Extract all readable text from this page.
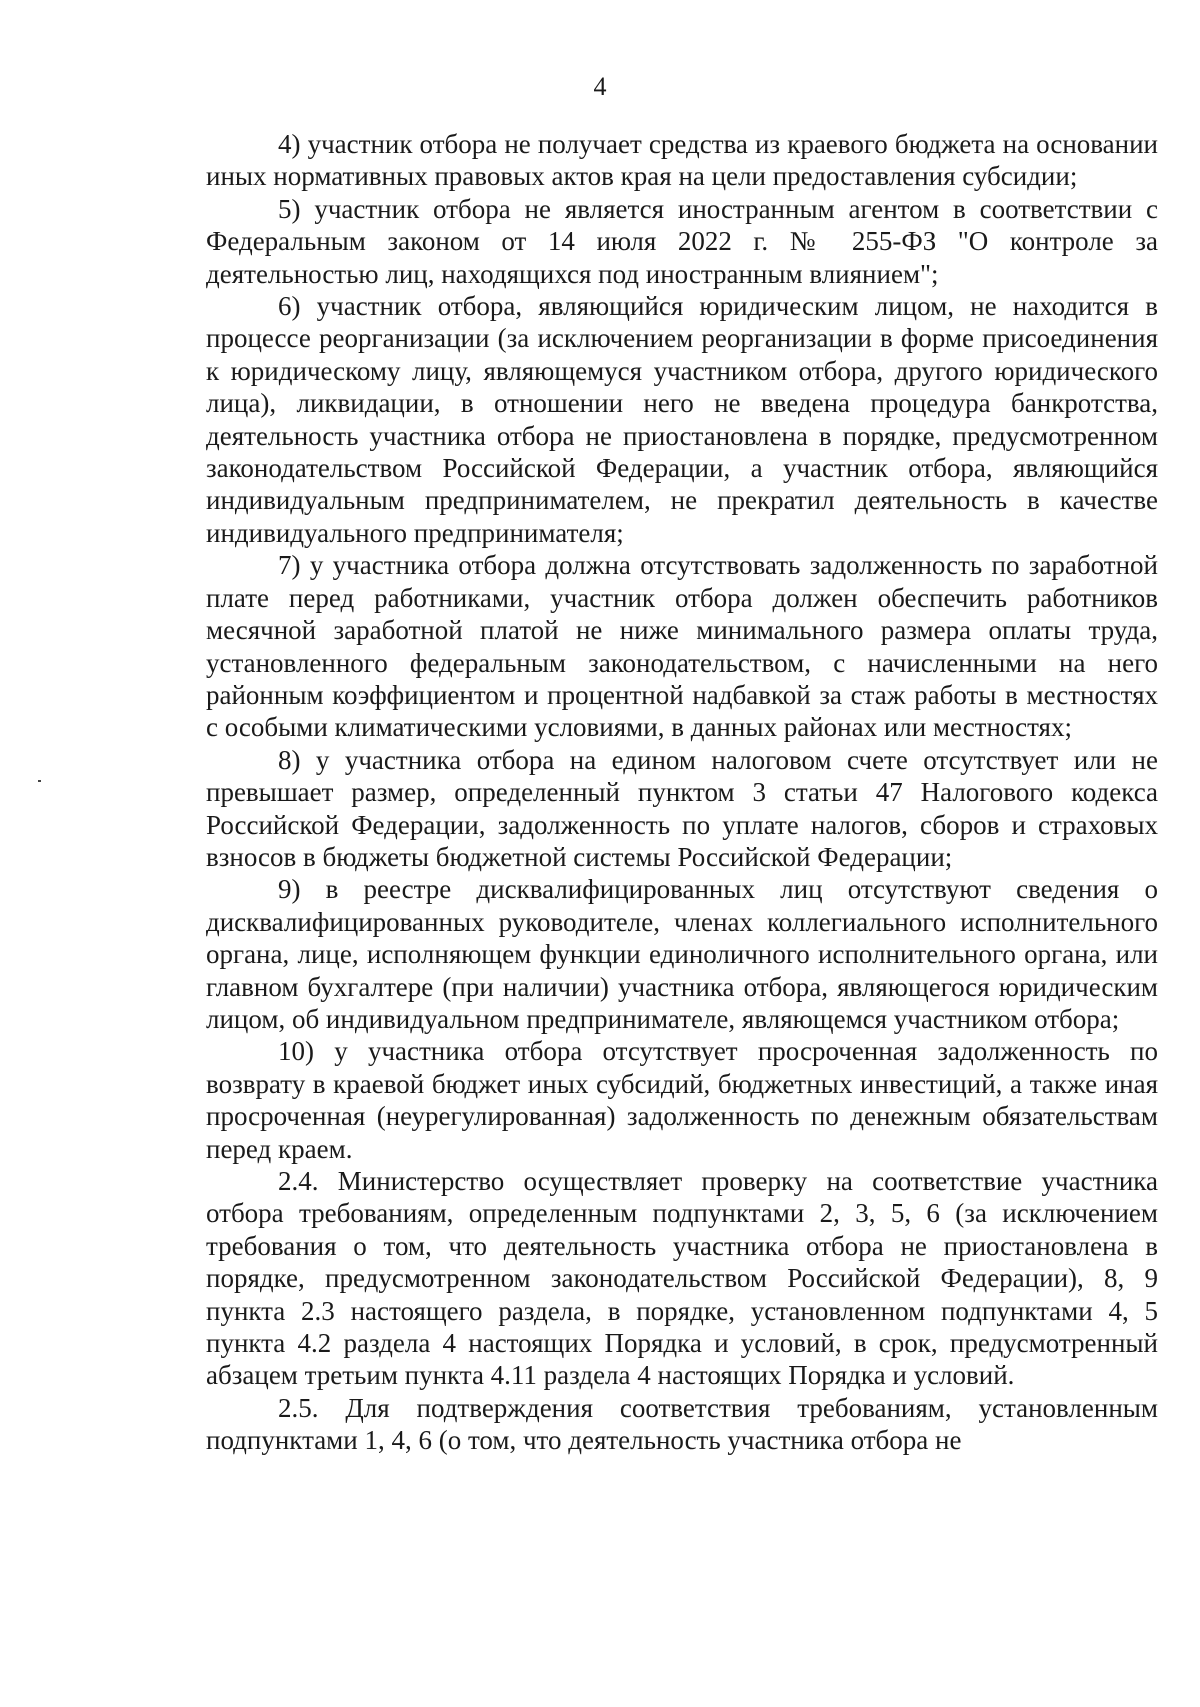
4

4) участник отбора не получает средства из краевого бюджета на основании иных нормативных правовых актов края на цели предоставления субсидии;

5) участник отбора не является иностранным агентом в соответствии с Федеральным законом от 14 июля 2022 г. № 255-ФЗ "О контроле за деятельностью лиц, находящихся под иностранным влиянием";

6) участник отбора, являющийся юридическим лицом, не находится в процессе реорганизации (за исключением реорганизации в форме присоединения к юридическому лицу, являющемуся участником отбора, другого юридического лица), ликвидации, в отношении него не введена процедура банкротства, деятельность участника отбора не приостановлена в порядке, предусмотренном законодательством Российской Федерации, а участник отбора, являющийся индивидуальным предпринимателем, не прекратил деятельность в качестве индивидуального предпринимателя;

7) у участника отбора должна отсутствовать задолженность по заработной плате перед работниками, участник отбора должен обеспечить работников месячной заработной платой не ниже минимального размера оплаты труда, установленного федеральным законодательством, с начисленными на него районным коэффициентом и процентной надбавкой за стаж работы в местностях с особыми климатическими условиями, в данных районах или местностях;

8) у участника отбора на едином налоговом счете отсутствует или не превышает размер, определенный пунктом 3 статьи 47 Налогового кодекса Российской Федерации, задолженность по уплате налогов, сборов и страховых взносов в бюджеты бюджетной системы Российской Федерации;

9) в реестре дисквалифицированных лиц отсутствуют сведения о дисквалифицированных руководителе, членах коллегиального исполнительного органа, лице, исполняющем функции единоличного исполнительного органа, или главном бухгалтере (при наличии) участника отбора, являющегося юридическим лицом, об индивидуальном предпринимателе, являющемся участником отбора;

10) у участника отбора отсутствует просроченная задолженность по возврату в краевой бюджет иных субсидий, бюджетных инвестиций, а также иная просроченная (неурегулированная) задолженность по денежным обязательствам перед краем.

2.4. Министерство осуществляет проверку на соответствие участника отбора требованиям, определенным подпунктами 2, 3, 5, 6 (за исключением требования о том, что деятельность участника отбора не приостановлена в порядке, предусмотренном законодательством Российской Федерации), 8, 9 пункта 2.3 настоящего раздела, в порядке, установленном подпунктами 4, 5 пункта 4.2 раздела 4 настоящих Порядка и условий, в срок, предусмотренный абзацем третьим пункта 4.11 раздела 4 настоящих Порядка и условий.

2.5. Для подтверждения соответствия требованиям, установленным подпунктами 1, 4, 6 (о том, что деятельность участника отбора не
